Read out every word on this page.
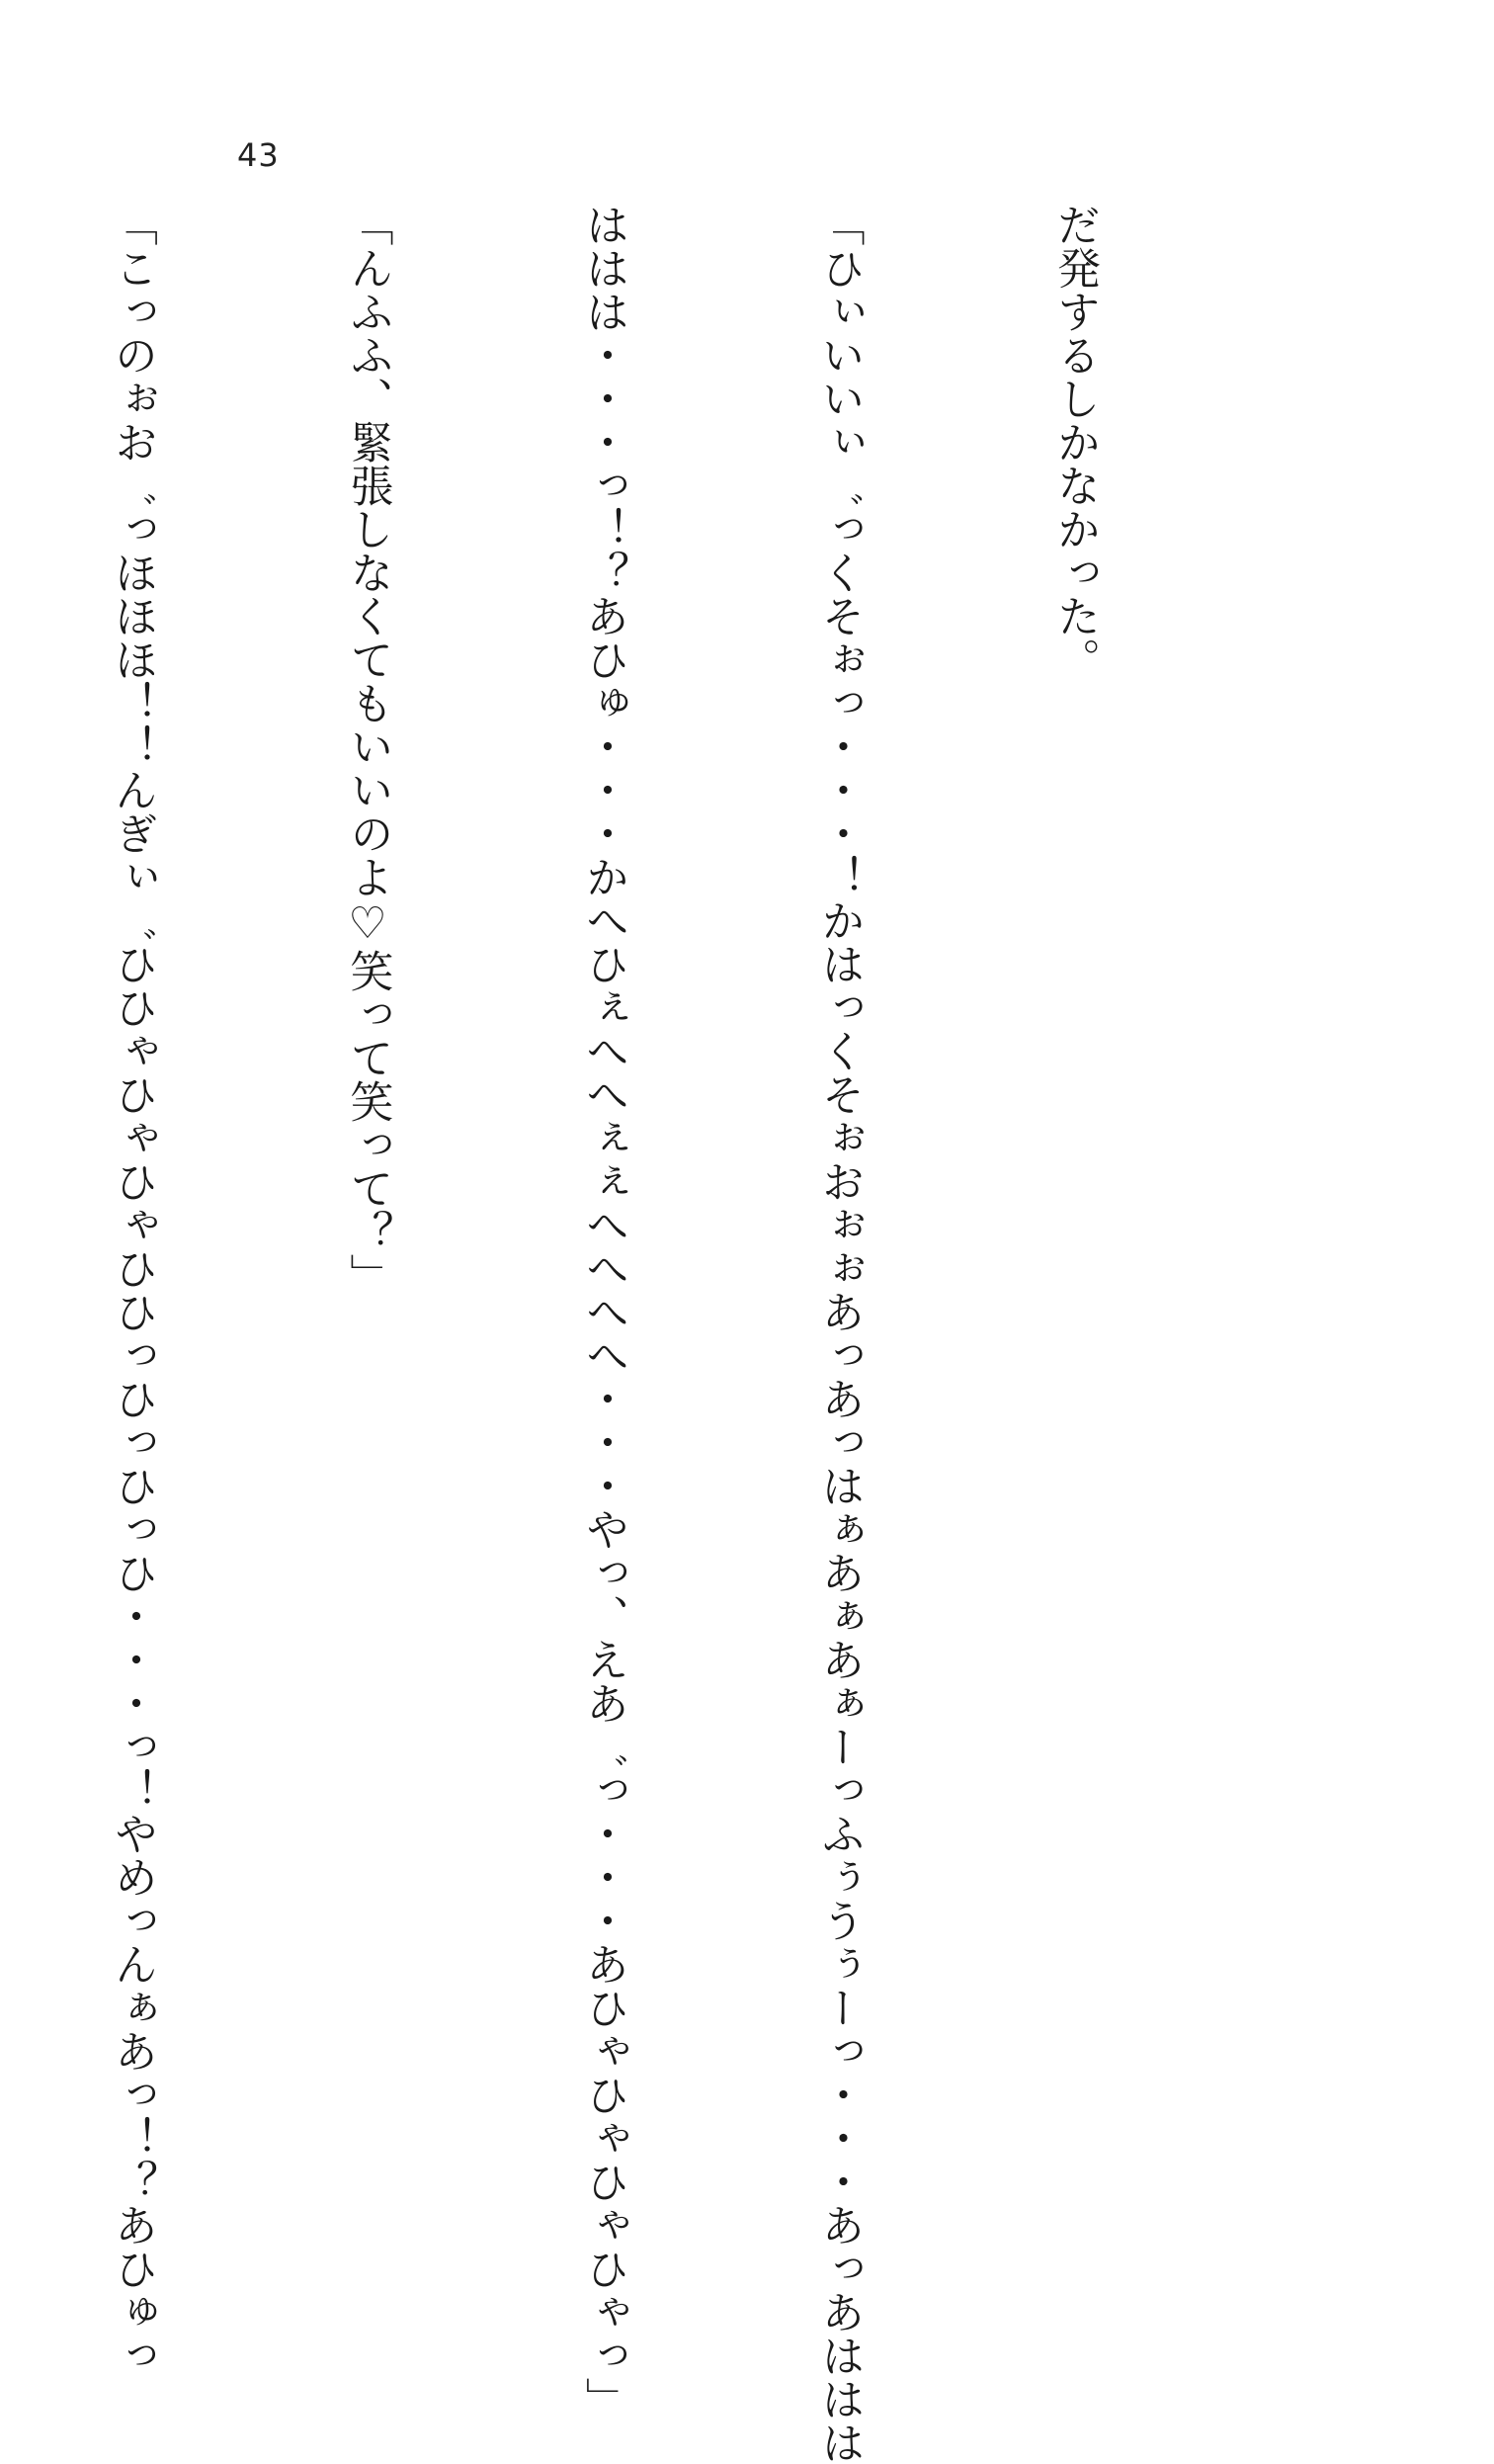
43

だ発するしかなかった。

「ひぃいいぃ゛っくそぉっ・・・！かはっくそぉおぉぉあっあっはぁあぁあぁーっふぅうぅーっ・・・あっあははは

ははは・・・っ！？あひゅ・・・かへひぇへへぇぇへへへへ・・・やっ、えあ゛っ・・・あひゃひゃひゃひゃっ」

「んふふ、緊張しなくてもいいのよ♡笑って笑って？」

「こっのぉお゛っほほほ！！んぎぃ゛ひひゃひゃひゃひひっひっひっひ・・・っ！やめっんぁあっ！？あひゅっ
